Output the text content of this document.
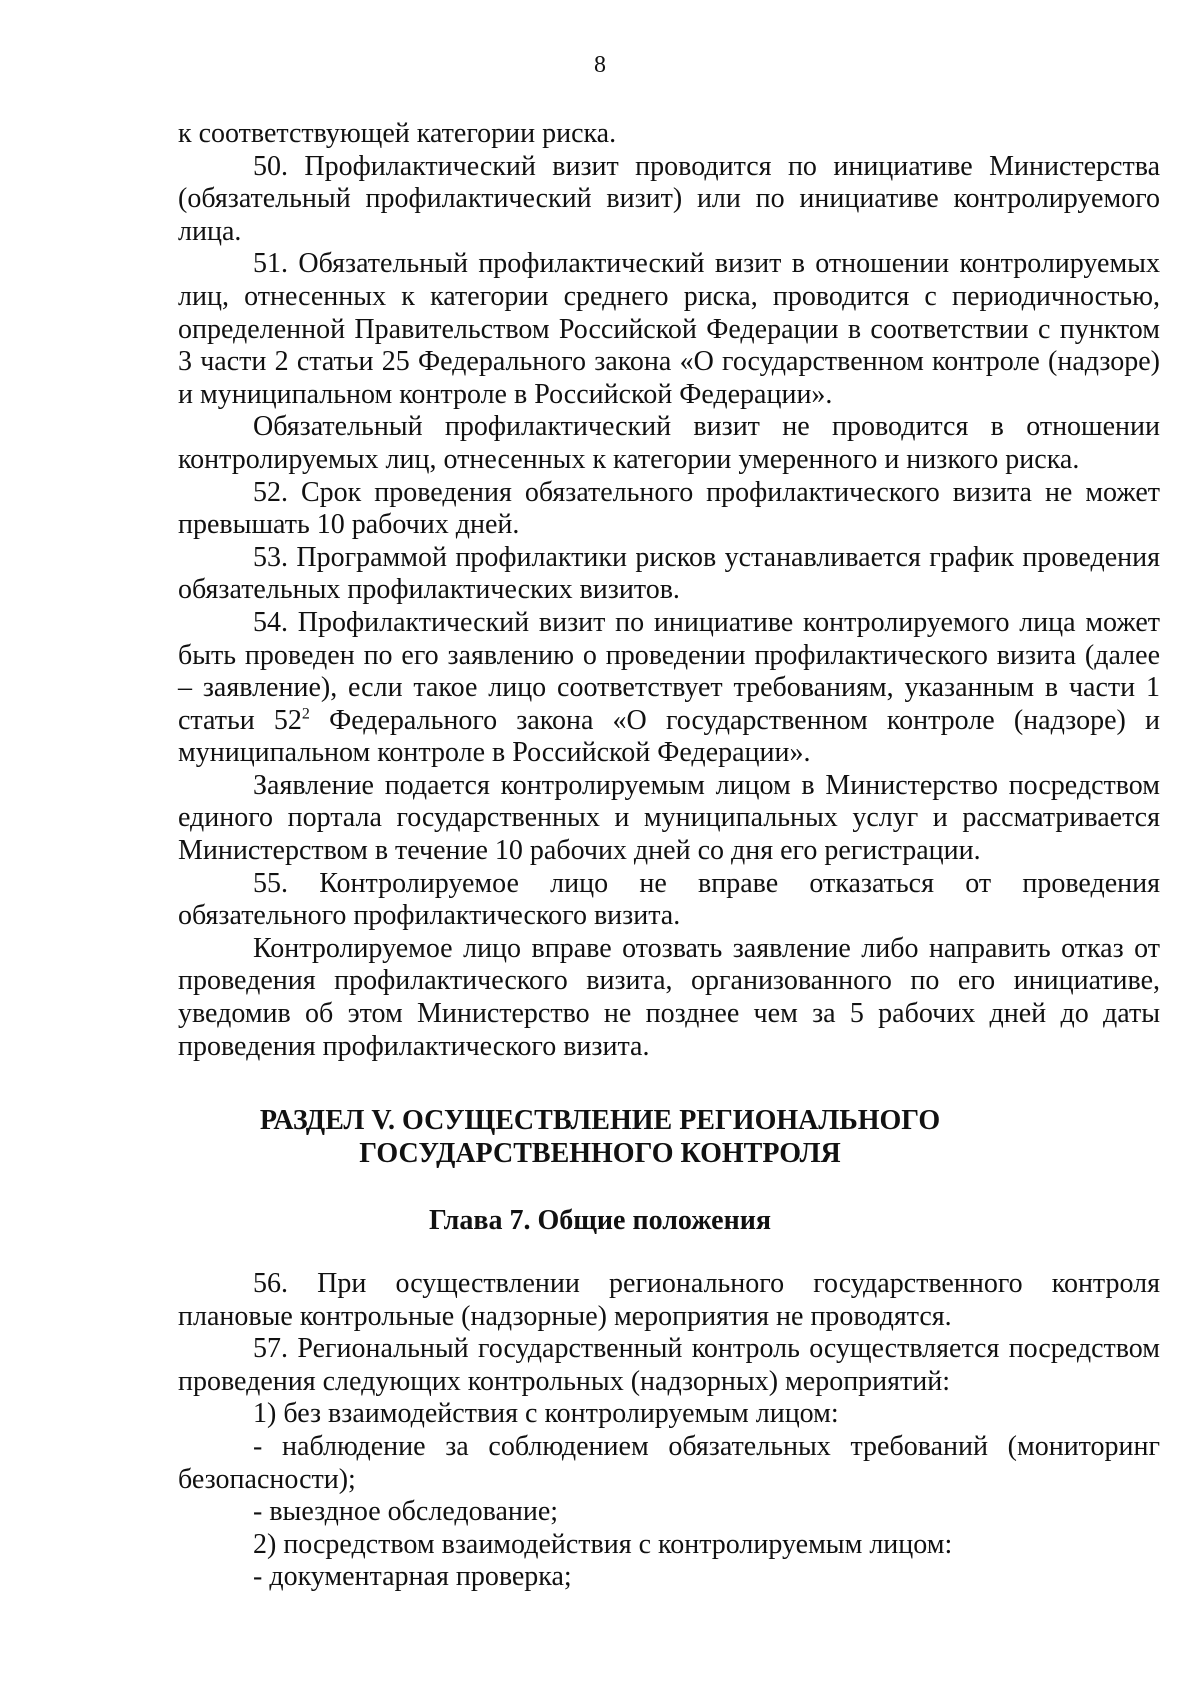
8

к соответствующей категории риска.

50. Профилактический визит проводится по инициативе Министерства (обязательный профилактический визит) или по инициативе контролируемого лица.

51. Обязательный профилактический визит в отношении контролируемых лиц, отнесенных к категории среднего риска, проводится с периодичностью, определенной Правительством Российской Федерации в соответствии с пунктом 3 части 2 статьи 25 Федерального закона «О государственном контроле (надзоре) и муниципальном контроле в Российской Федерации».

Обязательный профилактический визит не проводится в отношении контролируемых лиц, отнесенных к категории умеренного и низкого риска.

52. Срок проведения обязательного профилактического визита не может превышать 10 рабочих дней.

53. Программой профилактики рисков устанавливается график проведения обязательных профилактических визитов.

54. Профилактический визит по инициативе контролируемого лица может быть проведен по его заявлению о проведении профилактического визита (далее – заявление), если такое лицо соответствует требованиям, указанным в части 1 статьи $52^2$ Федерального закона «О государственном контроле (надзоре) и муниципальном контроле в Российской Федерации».

Заявление подается контролируемым лицом в Министерство посредством единого портала государственных и муниципальных услуг и рассматривается Министерством в течение 10 рабочих дней со дня его регистрации.

55. Контролируемое лицо не вправе отказаться от проведения обязательного профилактического визита.

Контролируемое лицо вправе отозвать заявление либо направить отказ от проведения профилактического визита, организованного по его инициативе, уведомив об этом Министерство не позднее чем за 5 рабочих дней до даты проведения профилактического визита.

РАЗДЕЛ V. ОСУЩЕСТВЛЕНИЕ РЕГИОНАЛЬНОГО
ГОСУДАРСТВЕННОГО КОНТРОЛЯ
Глава 7. Общие положения

56. При осуществлении регионального государственного контроля плановые контрольные (надзорные) мероприятия не проводятся.

57. Региональный государственный контроль осуществляется посредством проведения следующих контрольных (надзорных) мероприятий:

1) без взаимодействия с контролируемым лицом:

- наблюдение за соблюдением обязательных требований (мониторинг безопасности);

- выездное обследование;

2) посредством взаимодействия с контролируемым лицом:

- документарная проверка;
